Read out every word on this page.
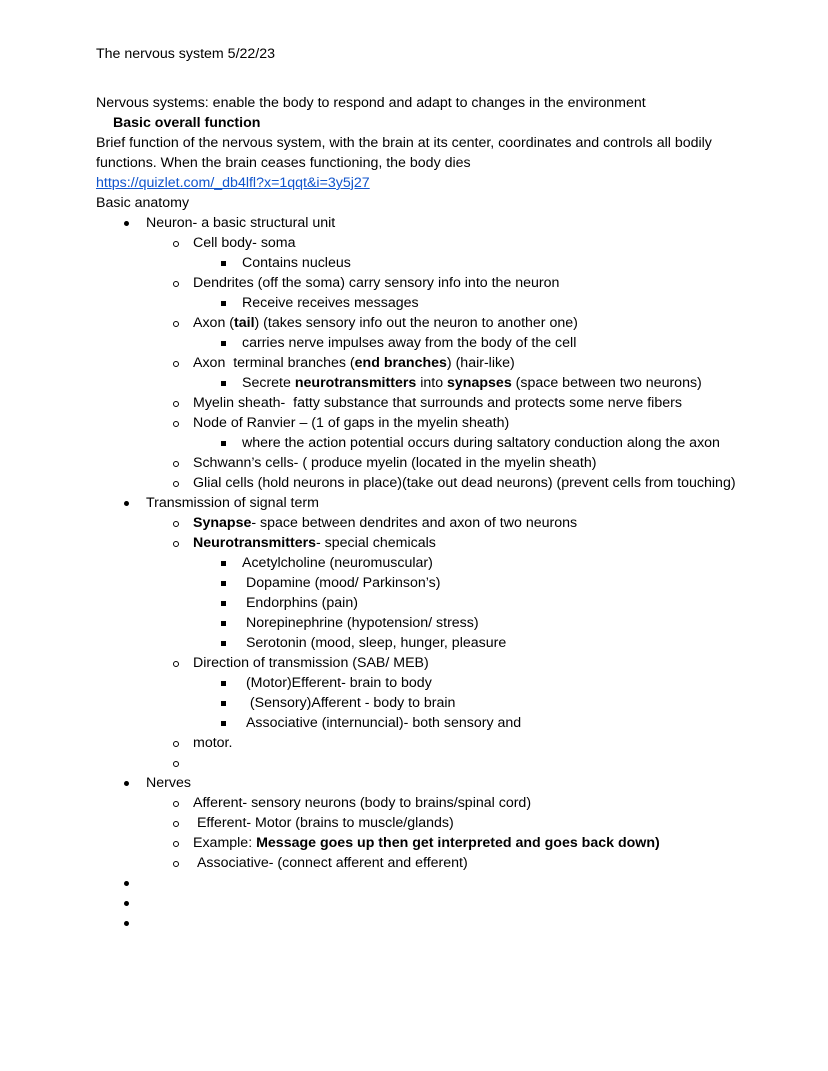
The nervous system 5/22/23

Nervous systems: enable the body to respond and adapt to changes in the environment

Basic overall function

Brief function of the nervous system, with the brain at its center, coordinates and controls all bodily functions. When the brain ceases functioning, the body dies

https://quizlet.com/_db4lfl?x=1qqt&i=3y5j27

Basic anatomy

Neuron- a basic structural unit
Cell body- soma
Contains nucleus
Dendrites (off the soma) carry sensory info into the neuron
Receive receives messages
Axon (tail) (takes sensory info out the neuron to another one)
carries nerve impulses away from the body of the cell
Axon  terminal branches (end branches) (hair-like)
Secrete neurotransmitters into synapses (space between two neurons)
Myelin sheath-  fatty substance that surrounds and protects some nerve fibers
Node of Ranvier – (1 of gaps in the myelin sheath)
where the action potential occurs during saltatory conduction along the axon
Schwann’s cells- ( produce myelin (located in the myelin sheath)
Glial cells (hold neurons in place)(take out dead neurons) (prevent cells from touching)
Transmission of signal term
Synapse- space between dendrites and axon of two neurons
Neurotransmitters- special chemicals
Acetylcholine (neuromuscular)
Dopamine (mood/ Parkinson’s)
Endorphins (pain)
Norepinephrine (hypotension/ stress)
Serotonin (mood, sleep, hunger, pleasure
Direction of transmission (SAB/ MEB)
(Motor)Efferent- brain to body
(Sensory)Afferent - body to brain
Associative (internuncial)- both sensory and
motor.

Nerves
Afferent- sensory neurons (body to brains/spinal cord)
Efferent- Motor (brains to muscle/glands)
Example: Message goes up then get interpreted and goes back down)
Associative- (connect afferent and efferent)
